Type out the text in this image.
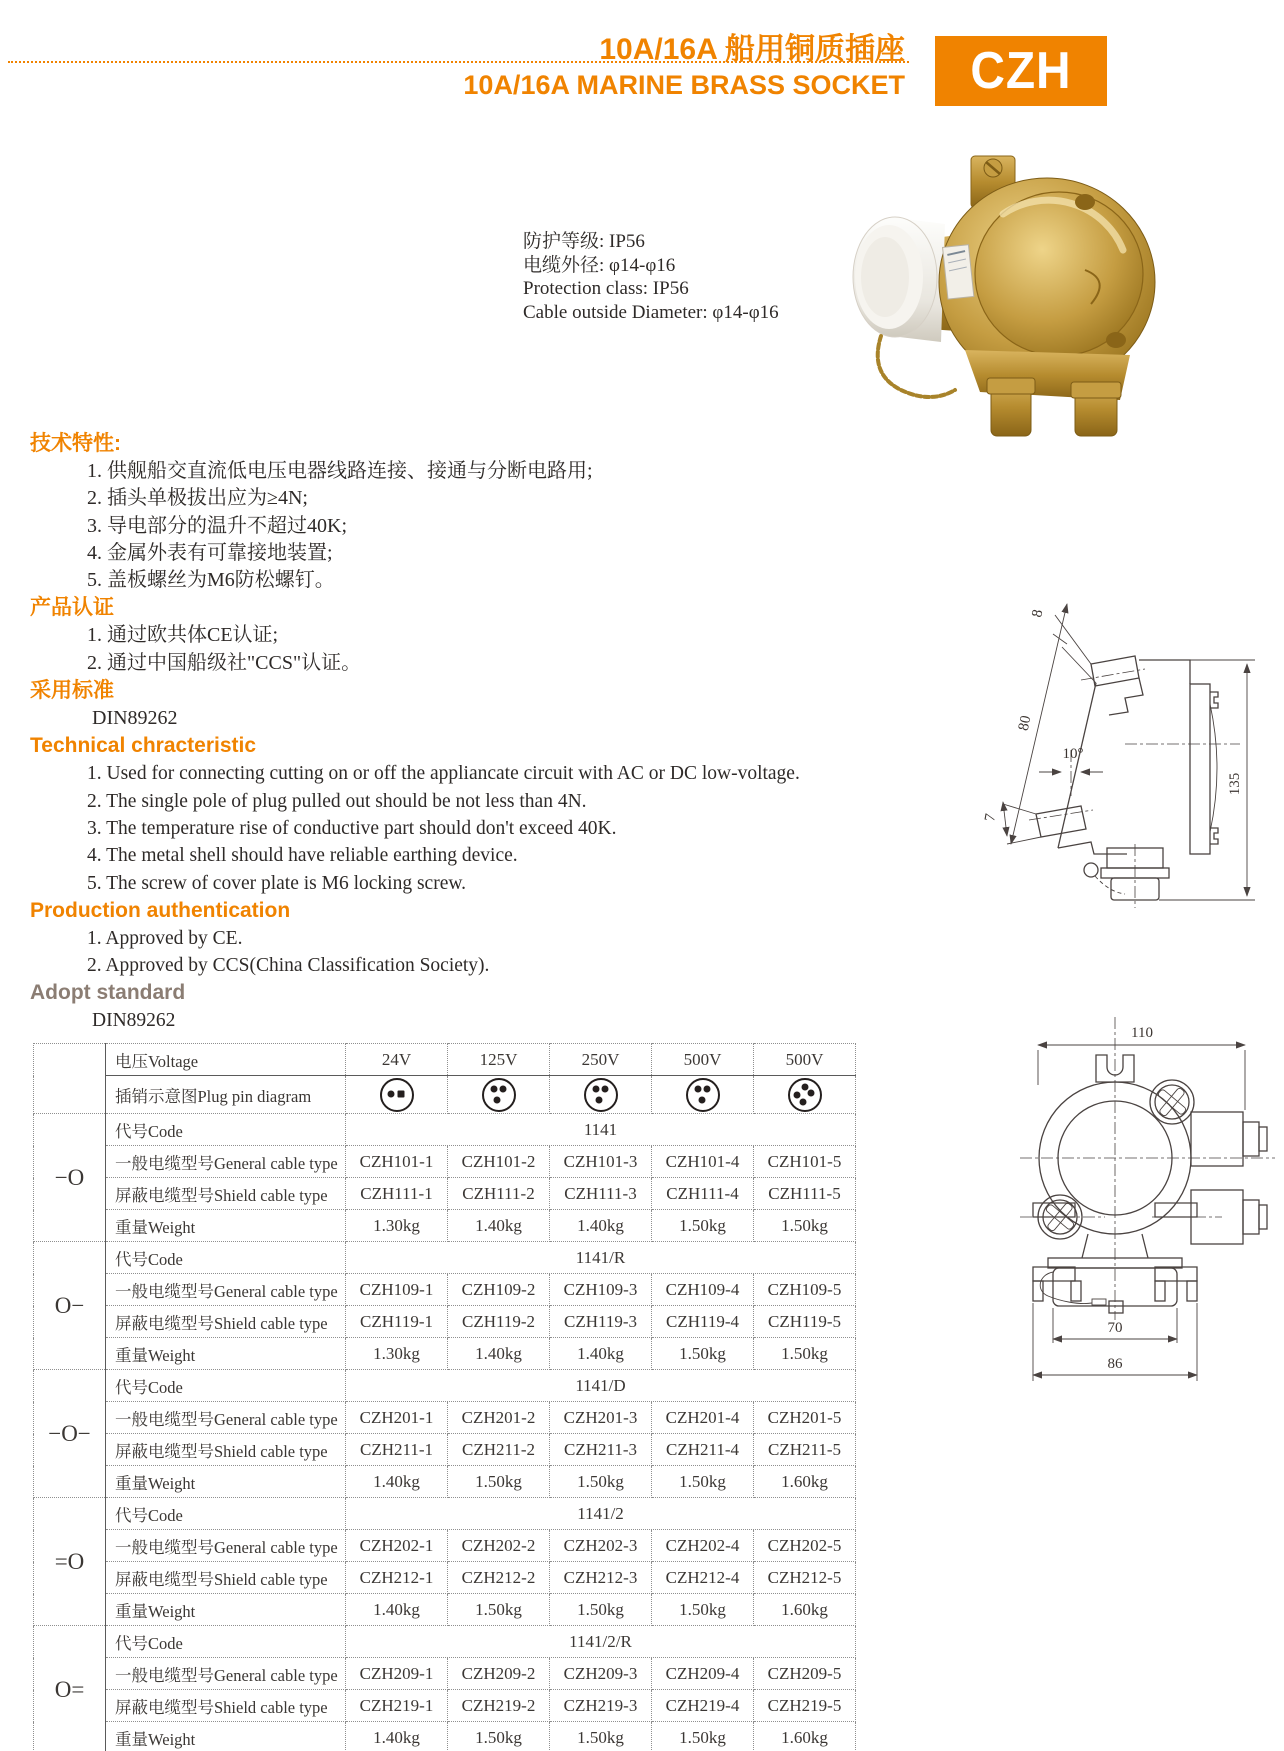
10A/16A 船用铜质插座
10A/16A MARINE BRASS SOCKET CZH
防护等级: IP56
电缆外径: φ14-φ16
Protection class: IP56
Cable outside Diameter: φ14-φ16
技术特性:
1. 供舰船交直流低电压电器线路连接、接通与分断电路用;
2. 插头单极拔出应为≥4N;
3. 导电部分的温升不超过40K;
4. 金属外表有可靠接地装置;
5. 盖板螺丝为M6防松螺钉。
产品认证
1. 通过欧共体CE认证;
2. 通过中国船级社"CCS"认证。
采用标准
DIN89262
Technical chracteristic
1. Used for connecting cutting on or off the appliancate circuit with AC or DC low-voltage.
2. The single pole of plug pulled out should be not less than 4N.
3. The temperature rise of conductive part should don't exceed 40K.
4. The metal shell should have reliable earthing device.
5. The screw of cover plate is M6 locking screw.
Production authentication
1. Approved by CE.
2. Approved by CCS(China Classification Society).
Adopt standard
DIN89262
	电压Voltage	24V	125V	250V	500V	500V
	插销示意图Plug pin diagram	

−O	代号Code	1141				
	一般电缆型号General cable type	CZH101-1	CZH101-2	CZH101-3	CZH101-4	CZH101-5
	屏蔽电缆型号Shield cable type	CZH111-1	CZH111-2	CZH111-3	CZH111-4	CZH111-5
	重量Weight	1.30kg	1.40kg	1.40kg	1.50kg	1.50kg
O−	代号Code	1141/R				
	一般电缆型号General cable type	CZH109-1	CZH109-2	CZH109-3	CZH109-4	CZH109-5
	屏蔽电缆型号Shield cable type	CZH119-1	CZH119-2	CZH119-3	CZH119-4	CZH119-5
	重量Weight	1.30kg	1.40kg	1.40kg	1.50kg	1.50kg
−O−	代号Code	1141/D				
	一般电缆型号General cable type	CZH201-1	CZH201-2	CZH201-3	CZH201-4	CZH201-5
	屏蔽电缆型号Shield cable type	CZH211-1	CZH211-2	CZH211-3	CZH211-4	CZH211-5
	重量Weight	1.40kg	1.50kg	1.50kg	1.50kg	1.60kg
=O	代号Code	1141/2				
	一般电缆型号General cable type	CZH202-1	CZH202-2	CZH202-3	CZH202-4	CZH202-5
	屏蔽电缆型号Shield cable type	CZH212-1	CZH212-2	CZH212-3	CZH212-4	CZH212-5
	重量Weight	1.40kg	1.50kg	1.50kg	1.50kg	1.60kg
O=	代号Code	1141/2/R				
	一般电缆型号General cable type	CZH209-1	CZH209-2	CZH209-3	CZH209-4	CZH209-5
	屏蔽电缆型号Shield cable type	CZH219-1	CZH219-2	CZH219-3	CZH219-4	CZH219-5
	重量Weight	1.40kg	1.50kg	1.50kg	1.50kg	1.60kg
8
80
10°
7
135
110
70
86
